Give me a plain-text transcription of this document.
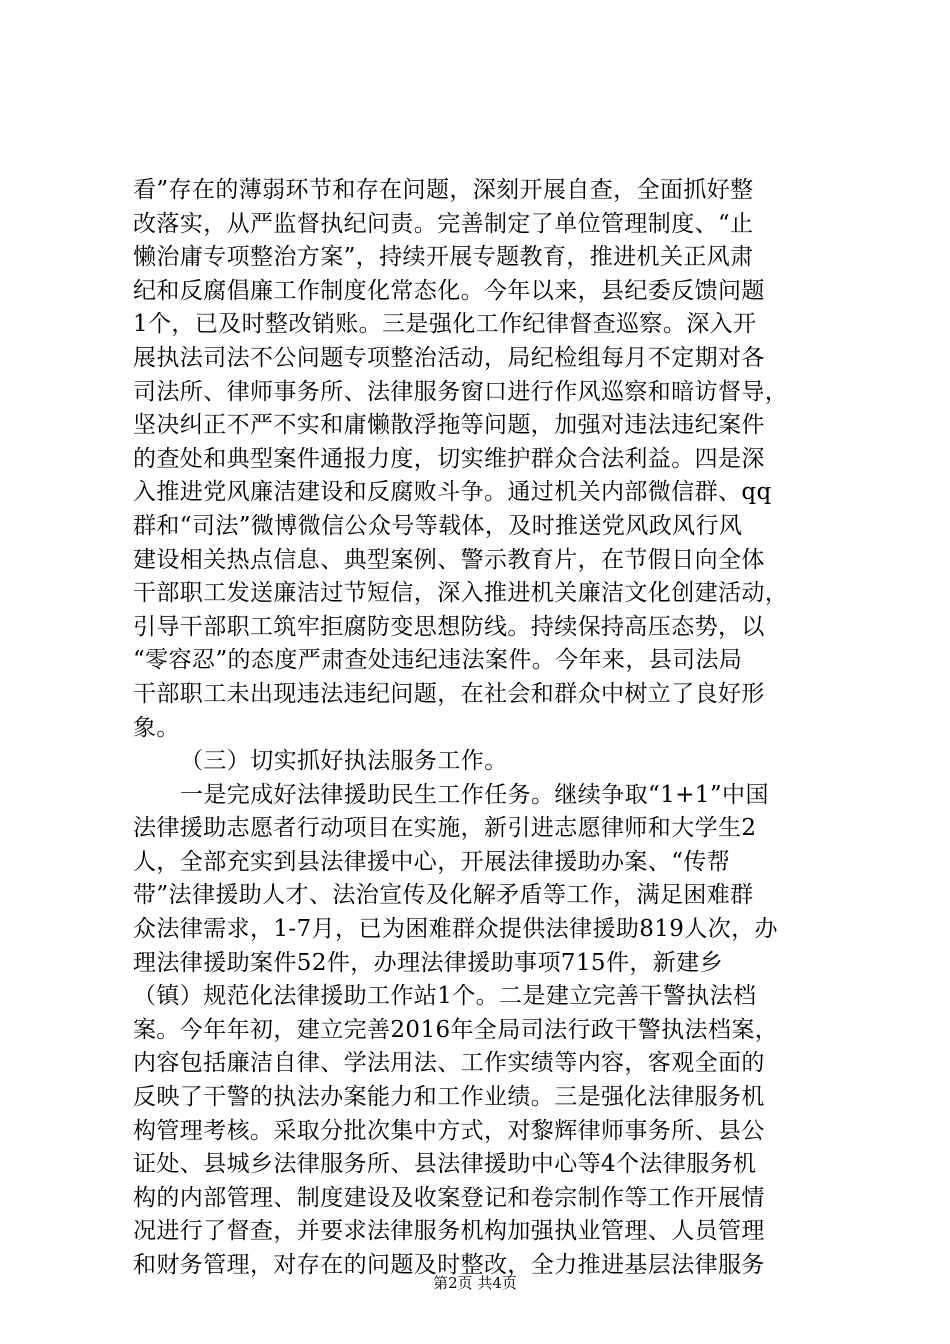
看”存在的薄弱环节和存在问题，深刻开展自查，全面抓好整
改落实，从严监督执纪问责。完善制定了单位管理制度、“止
懒治庸专项整治方案”，持续开展专题教育，推进机关正风肃
纪和反腐倡廉工作制度化常态化。今年以来，县纪委反馈问题
1个，已及时整改销账。三是强化工作纪律督查巡察。深入开
展执法司法不公问题专项整治活动，局纪检组每月不定期对各
司法所、律师事务所、法律服务窗口进行作风巡察和暗访督导，
坚决纠正不严不实和庸懒散浮拖等问题，加强对违法违纪案件
的查处和典型案件通报力度，切实维护群众合法利益。四是深
入推进党风廉洁建设和反腐败斗争。通过机关内部微信群、qq
群和“司法”微博微信公众号等载体，及时推送党风政风行风
建设相关热点信息、典型案例、警示教育片，在节假日向全体
干部职工发送廉洁过节短信，深入推进机关廉洁文化创建活动，
引导干部职工筑牢拒腐防变思想防线。持续保持高压态势，以
“零容忍”的态度严肃查处违纪违法案件。今年来，县司法局
干部职工未出现违法违纪问题，在社会和群众中树立了良好形
象。
（三）切实抓好执法服务工作。
一是完成好法律援助民生工作任务。继续争取“1+1”中国
法律援助志愿者行动项目在实施，新引进志愿律师和大学生2
人，全部充实到县法律援中心，开展法律援助办案、“传帮
带”法律援助人才、法治宣传及化解矛盾等工作，满足困难群
众法律需求，1-7月，已为困难群众提供法律援助819人次，办
理法律援助案件52件，办理法律援助事项715件，新建乡
（镇）规范化法律援助工作站1个。二是建立完善干警执法档
案。今年年初，建立完善2016年全局司法行政干警执法档案，
内容包括廉洁自律、学法用法、工作实绩等内容，客观全面的
反映了干警的执法办案能力和工作业绩。三是强化法律服务机
构管理考核。采取分批次集中方式，对黎辉律师事务所、县公
证处、县城乡法律服务所、县法律援助中心等4个法律服务机
构的内部管理、制度建设及收案登记和卷宗制作等工作开展情
况进行了督查，并要求法律服务机构加强执业管理、人员管理
和财务管理，对存在的问题及时整改，全力推进基层法律服务
第2页 共4页
